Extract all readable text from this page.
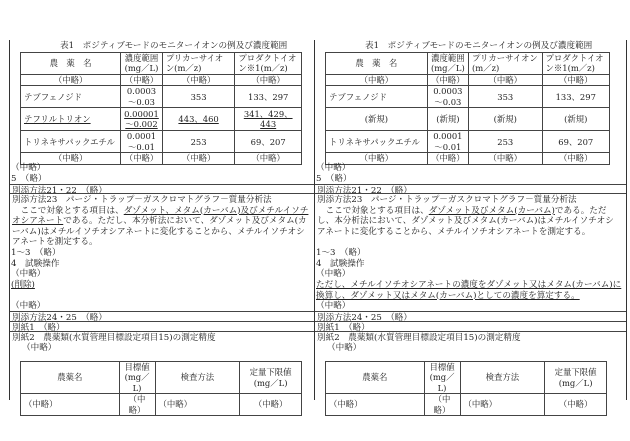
表1　ポジティブモードのモニターイオンの例及び濃度範囲
農　薬　名	濃度範囲(mg／L)	プリカーサイオン(m／z)	プロダクトイオン※1(m／z)
（中略）	（中略）	（中略）	（中略）
テブフェノジド	0.0003～0.03	353	133、297
テフリルトリオン	0.00001～0.002	443、460	341、429、443
トリネキサパックエチル	0.0001～0.01	253	69、207
（中略）	（中略）	（中略）	（中略）
（中略）
5　（略）
別添方法21・22　（略）
別添方法23　パージ・トラップ－ガスクロマトグラフ－質量分析法
　ここで対象とする項目は、ダゾメット、メタム(カーバム)及びメチルイソチオシアネートである。ただし、本分析法において、ダゾメット及びメタム(カーバム)はメチルイソチオシアネートに変化することから、メチルイソチオシアネートを測定する。
1～3　（略）
4　試験操作
（中略）
(削除)
（中略）
別添方法24・25　（略）
別紙1　（略）
別紙2　農薬類(水質管理目標設定項目15)の測定精度
（中略）
農薬名	目標値(mg／L)	検査方法	定量下限値(mg／L)
（中略）	（中略）	（中略）	（中略）
表1　ポジティブモードのモニターイオンの例及び濃度範囲
農　薬　名	濃度範囲(mg／L)	プリカーサイオン(m／z)	プロダクトイオン※1(m／z)
（中略）	（中略）	（中略）	（中略）
テブフェノジド	0.0003～0.03	353	133、297
(新規)	(新規)	(新規)	(新規)
トリネキサパックエチル	0.0001～0.01	253	69、207
（中略）	（中略）	（中略）	（中略）
（中略）
5　（略）
別添方法21・22　（略）
別添方法23　パージ・トラップ－ガスクロマトグラフ－質量分析法
　ここで対象とする項目は、ダゾメット及びメタム(カーバム)である。ただし、本分析法において、ダゾメット及びメタム(カーバム)はメチルイソチオシアネートに変化することから、メチルイソチオシアネートを測定する。
1～3　（略）
4　試験操作
（中略）
ただし、メチルイソチオシアネートの濃度をダゾメット又はメタム(カーバム)に換算し、ダゾメット又はメタム(カーバム)としての濃度を算定する。
（中略）
別添方法24・25　（略）
別紙1　（略）
別紙2　農薬類(水質管理目標設定項目15)の測定精度
（中略）
農薬名	目標値(mg／L)	検査方法	定量下限値(mg／L)
（中略）	（中略）	（中略）	（中略）
